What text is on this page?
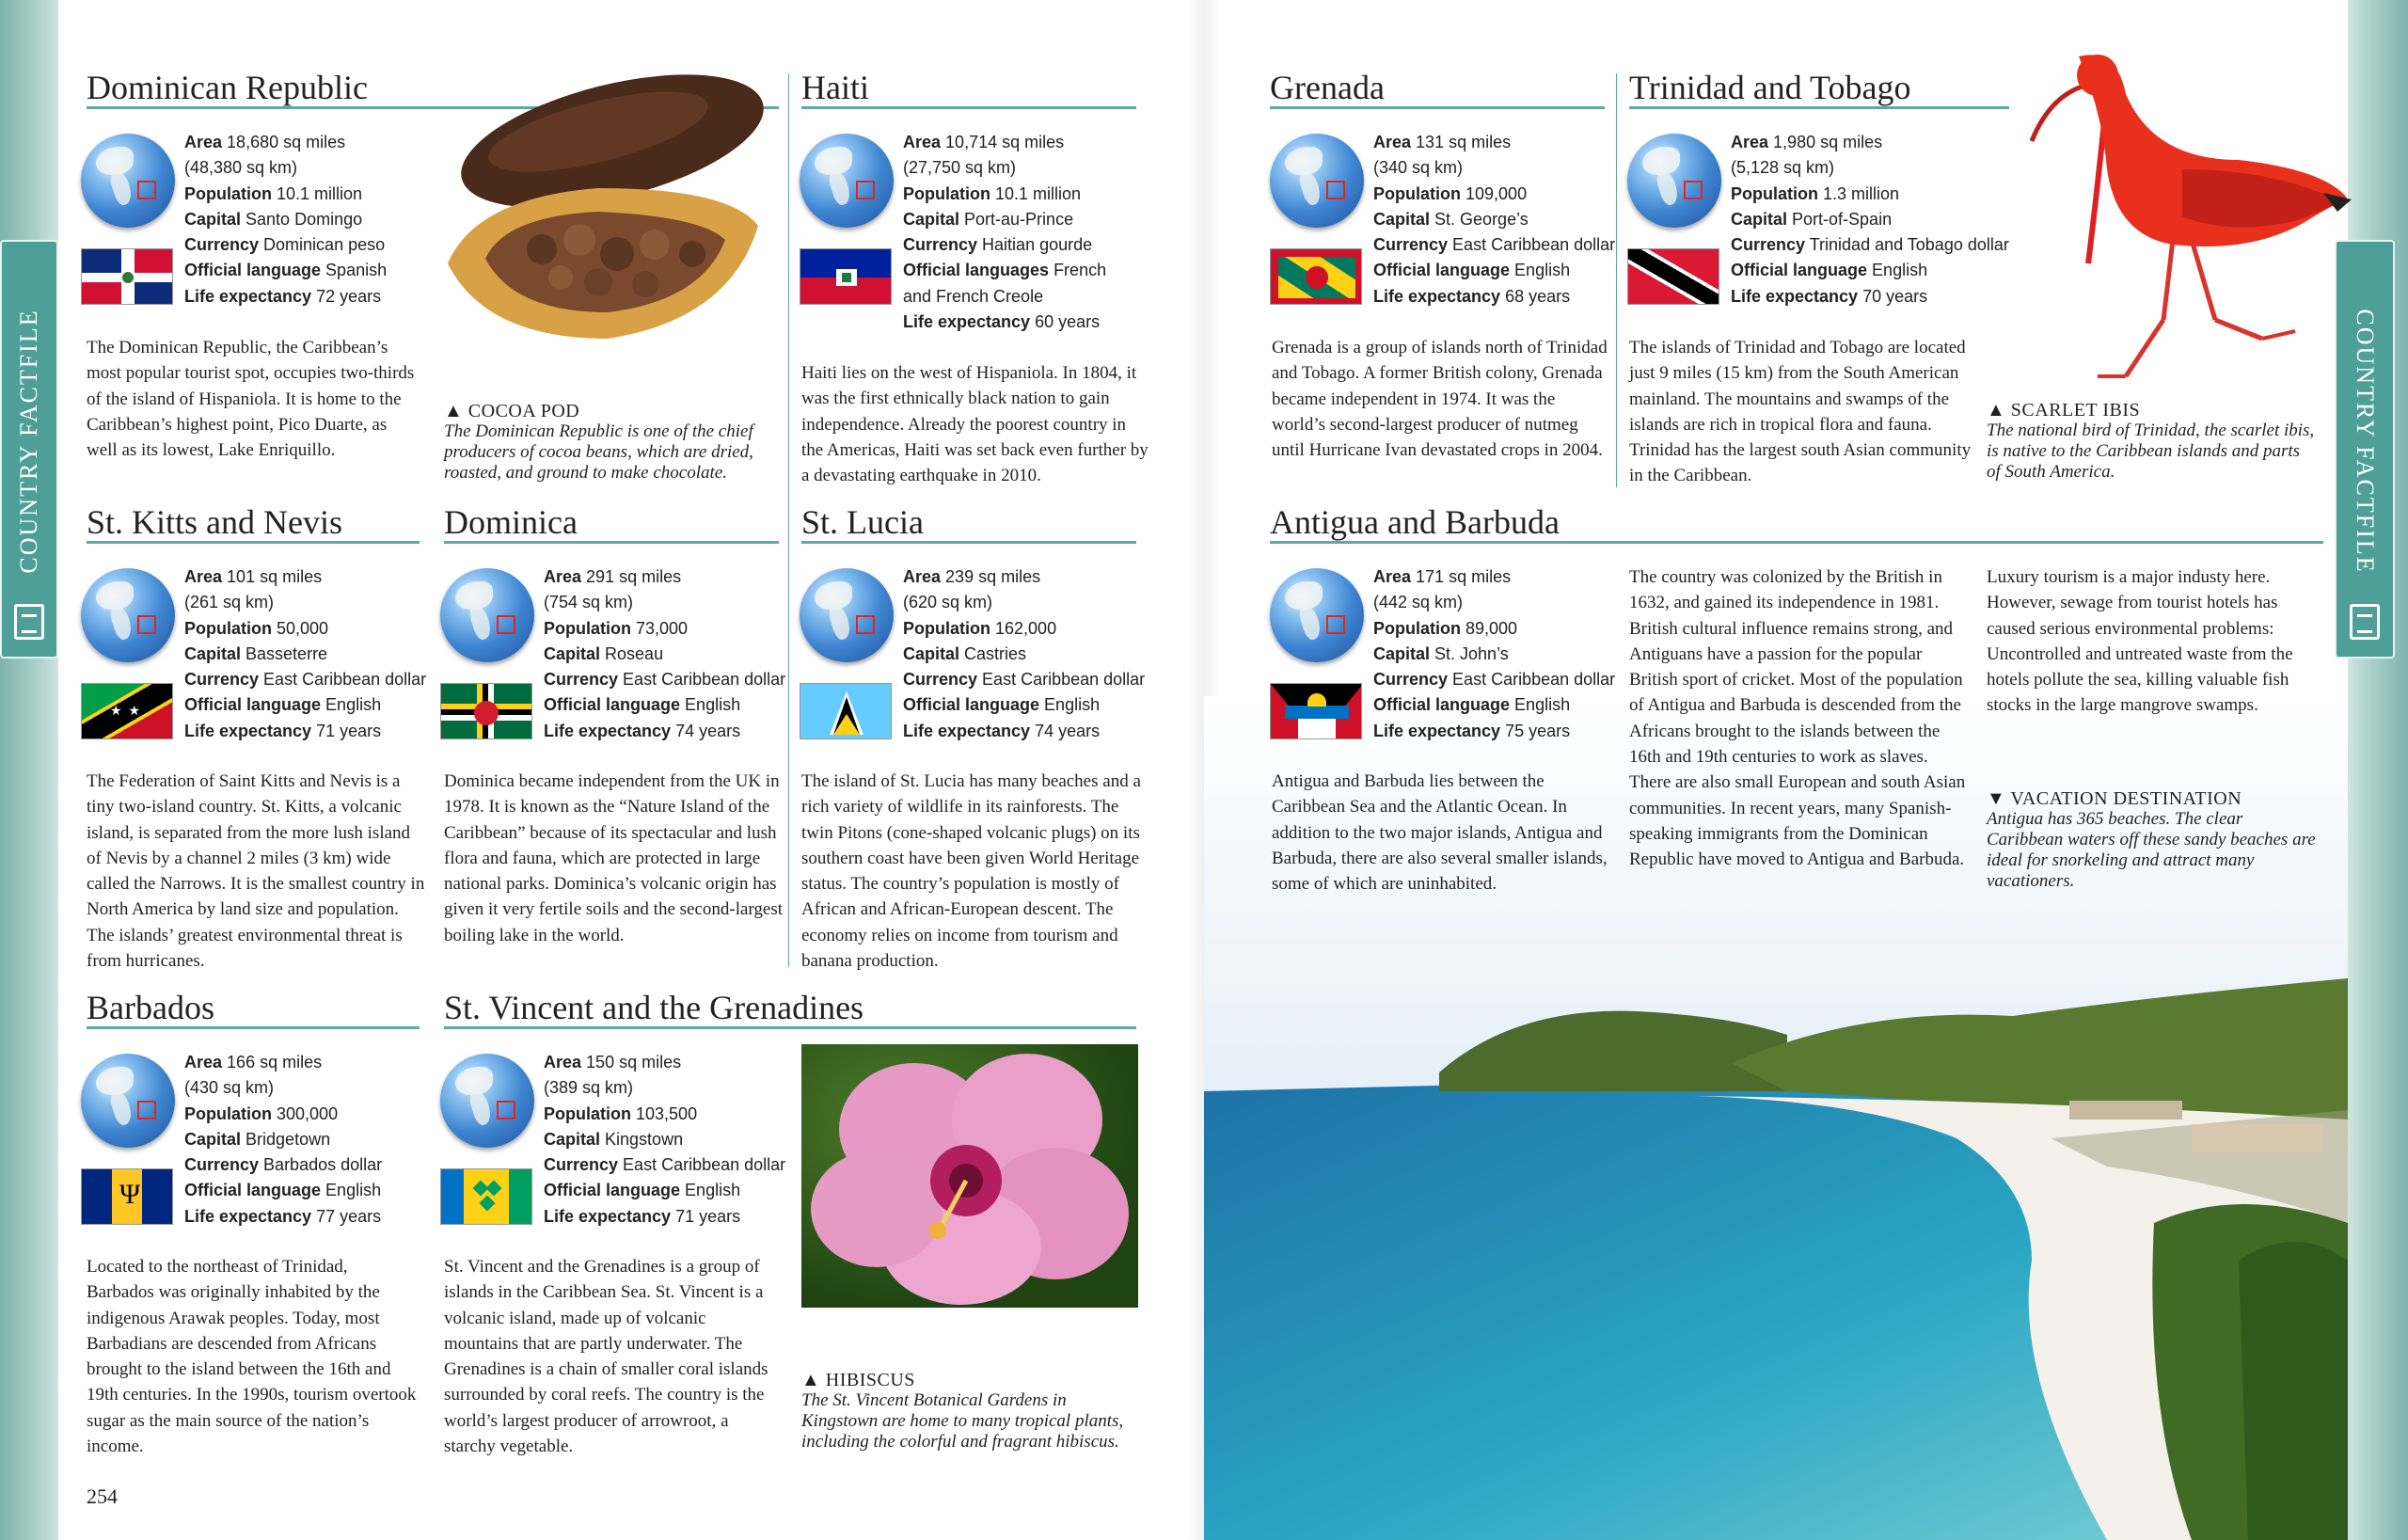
COUNTRY FACTFILE	COUNTRY FACTFILE
Dominican Republic
Area 18,680 sq miles
(48,380 sq km)
Population 10.1 million
Capital Santo Domingo
Currency Dominican peso
Official language Spanish
Life expectancy 72 years
The Dominican Republic, the Caribbean’s most popular tourist spot, occupies two-thirds of the island of Hispaniola. It is home to the Caribbean’s highest point, Pico Duarte, as well as its lowest, Lake Enriquillo.
▲ COCOA POD
The Dominican Republic is one of the chief producers of cocoa beans, which are dried, roasted, and ground to make chocolate.
Haiti
Area 10,714 sq miles
(27,750 sq km)
Population 10.1 million
Capital Port-au-Prince
Currency Haitian gourde
Official languages French
and French Creole
Life expectancy 60 years
Haiti lies on the west of Hispaniola. In 1804, it was the first ethnically black nation to gain independence. Already the poorest country in the Americas, Haiti was set back even further by a devastating earthquake in 2010.
St. Kitts and Nevis
★  ★
Area 101 sq miles
(261 sq km)
Population 50,000
Capital Basseterre
Currency East Caribbean dollar
Official language English
Life expectancy 71 years
The Federation of Saint Kitts and Nevis is a tiny two-island country. St. Kitts, a volcanic island, is separated from the more lush island of Nevis by a channel 2 miles (3 km) wide called the Narrows. It is the smallest country in North America by land size and population. The islands’ greatest environmental threat is from hurricanes.
Dominica
Area 291 sq miles
(754 sq km)
Population 73,000
Capital Roseau
Currency East Caribbean dollar
Official language English
Life expectancy 74 years
Dominica became independent from the UK in 1978. It is known as the “Nature Island of the Caribbean” because of its spectacular and lush flora and fauna, which are protected in large national parks. Dominica’s volcanic origin has given it very fertile soils and the second-largest boiling lake in the world.
St. Lucia
Area 239 sq miles
(620 sq km)
Population 162,000
Capital Castries
Currency East Caribbean dollar
Official language English
Life expectancy 74 years
The island of St. Lucia has many beaches and a rich variety of wildlife in its rainforests. The twin Pitons (cone-shaped volcanic plugs) on its southern coast have been given World Heritage status. The country’s population is mostly of African and African-European descent. The economy relies on income from tourism and banana production.
Barbados
Ψ
Area 166 sq miles
(430 sq km)
Population 300,000
Capital Bridgetown
Currency Barbados dollar
Official language English
Life expectancy 77 years
Located to the northeast of Trinidad, Barbados was originally inhabited by the indigenous Arawak peoples. Today, most Barbadians are descended from Africans brought to the island between the 16th and 19th centuries. In the 1990s, tourism overtook sugar as the main source of the nation’s income.
St. Vincent and the Grenadines
Area 150 sq miles
(389 sq km)
Population 103,500
Capital Kingstown
Currency East Caribbean dollar
Official language English
Life expectancy 71 years
St. Vincent and the Grenadines is a group of islands in the Caribbean Sea. St. Vincent is a volcanic island, made up of volcanic mountains that are partly underwater. The Grenadines is a chain of smaller coral islands surrounded by coral reefs. The country is the world’s largest producer of arrowroot, a starchy vegetable.
▲ HIBISCUS
The St. Vincent Botanical Gardens in Kingstown are home to many tropical plants, including the colorful and fragrant hibiscus.
254
Grenada
Area 131 sq miles
(340 sq km)
Population 109,000
Capital St. George’s
Currency East Caribbean dollar
Official language English
Life expectancy 68 years
Grenada is a group of islands north of Trinidad and Tobago. A former British colony, Grenada became independent in 1974. It was the world’s second-largest producer of nutmeg until Hurricane Ivan devastated crops in 2004.
Trinidad and Tobago
Area 1,980 sq miles
(5,128 sq km)
Population 1.3 million
Capital Port-of-Spain
Currency Trinidad and Tobago dollar
Official language English
Life expectancy 70 years
The islands of Trinidad and Tobago are located just 9 miles (15 km) from the South American mainland. The mountains and swamps of the islands are rich in tropical flora and fauna. Trinidad has the largest south Asian community in the Caribbean.
▲ SCARLET IBIS
The national bird of Trinidad, the scarlet ibis, is native to the Caribbean islands and parts of South America.
Antigua and Barbuda
Area 171 sq miles
(442 sq km)
Population 89,000
Capital St. John’s
Currency East Caribbean dollar
Official language English
Life expectancy 75 years
Antigua and Barbuda lies between the Caribbean Sea and the Atlantic Ocean. In addition to the two major islands, Antigua and Barbuda, there are also several smaller islands, some of which are uninhabited.
The country was colonized by the British in 1632, and gained its independence in 1981. British cultural influence remains strong, and Antiguans have a passion for the popular British sport of cricket. Most of the population of Antigua and Barbuda is descended from the Africans brought to the islands between the 16th and 19th centuries to work as slaves. There are also small European and south Asian communities. In recent years, many Spanish-speaking immigrants from the Dominican Republic have moved to Antigua and Barbuda.
Luxury tourism is a major industy here. However, sewage from tourist hotels has caused serious environmental problems: Uncontrolled and untreated waste from the hotels pollute the sea, killing valuable fish stocks in the large mangrove swamps.
▼ VACATION DESTINATION
Antigua has 365 beaches. The clear Caribbean waters off these sandy beaches are ideal for snorkeling and attract many vacationers.
